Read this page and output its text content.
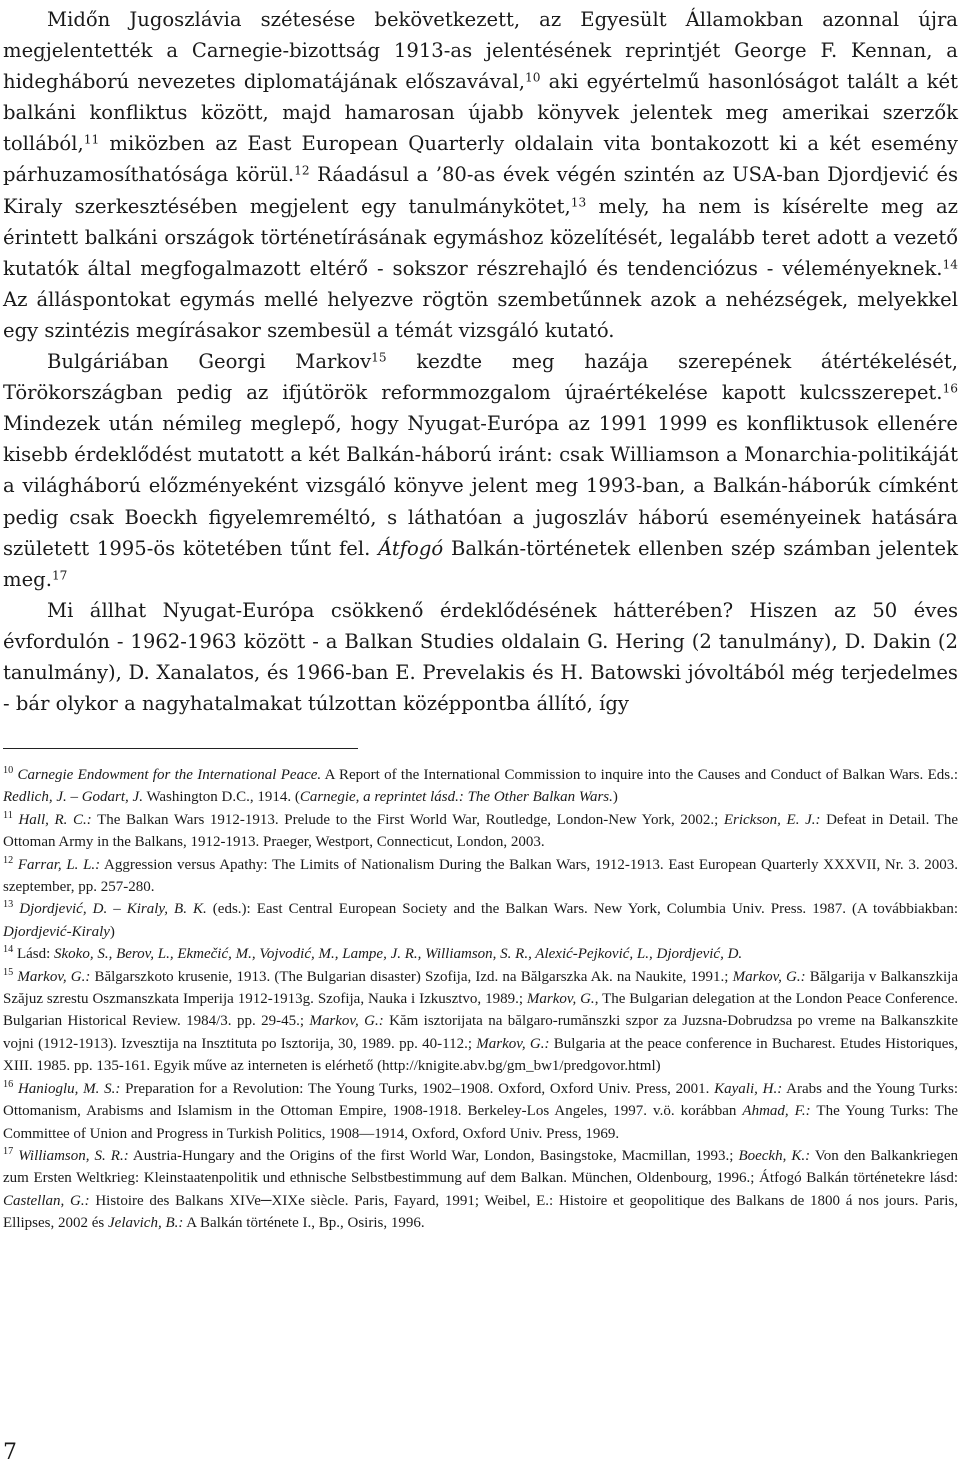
Midőn Jugoszlávia szétesése bekövetkezett, az Egyesült Államokban azonnal újra megjelentették a Carnegie-bizottság 1913-as jelentésének reprintjét George F. Kennan, a hidegháború nevezetes diplomatájának előszavával,$^{10}$ aki egyértelmű hasonlóságot talált a két balkáni konfliktus között, majd hamarosan újabb könyvek jelentek meg amerikai szerzők tollából,$^{11}$ miközben az East European Quarterly oldalain vita bontakozott ki a két esemény párhuzamosíthatósága körül.$^{12}$ Ráadásul a ’80-as évek végén szintén az USA-ban Djordjević és Kiraly szerkesztésében megjelent egy tanulmánykötet,$^{13}$ mely, ha nem is kísérelte meg az érintett balkáni országok történetírásának egymáshoz közelítését, legalább teret adott a vezető kutatók által megfogalmazott eltérő - sokszor részrehajló és tendenciózus - véleményeknek.$^{14}$ Az álláspontokat egymás mellé helyezve rögtön szembetűnnek azok a nehézségek, melyekkel egy szintézis megírásakor szembesül a témát vizsgáló kutató.

Bulgáriában Georgi Markov$^{15}$ kezdte meg hazája szerepének átértékelését, Törökországban pedig az ifjútörök reformmozgalom újraértékelése kapott kulcsszerepet.$^{16}$ Mindezek után némileg meglepő, hogy Nyugat-Európa az 1991 1999 es konfliktusok ellenére kisebb érdeklődést mutatott a két Balkán-háború iránt: csak Williamson a Monarchia-politikáját a világháború előzményeként vizsgáló könyve jelent meg 1993-ban, a Balkán-háborúk címként pedig csak Boeckh figyelemreméltó, s láthatóan a jugoszláv háború eseményeinek hatására született 1995-ös kötetében tűnt fel. Átfogó Balkán-történetek ellenben szép számban jelentek meg.$^{17}$

Mi állhat Nyugat-Európa csökkenő érdeklődésének hátterében? Hiszen az 50 éves évfordulón - 1962-1963 között - a Balkan Studies oldalain G. Hering (2 tanulmány), D. Dakin (2 tanulmány), D. Xanalatos, és 1966-ban E. Prevelakis és H. Batowski jóvoltából még terjedelmes - bár olykor a nagyhatalmakat túlzottan középpontba állító, így

$^{10}$ Carnegie Endowment for the International Peace. A Report of the International Commission to inquire into the Causes and Conduct of Balkan Wars. Eds.: Redlich, J. – Godart, J. Washington D.C., 1914. (Carnegie, a reprintet lásd.: The Other Balkan Wars.)

$^{11}$ Hall, R. C.: The Balkan Wars 1912-1913. Prelude to the First World War, Routledge, London-New York, 2002.; Erickson, E. J.: Defeat in Detail. The Ottoman Army in the Balkans, 1912-1913. Praeger, Westport, Connecticut, London, 2003.

$^{12}$ Farrar, L. L.: Aggression versus Apathy: The Limits of Nationalism During the Balkan Wars, 1912-1913. East European Quarterly XXXVII, Nr. 3. 2003. szeptember, pp. 257-280.

$^{13}$ Djordjević, D. – Kiraly, B. K. (eds.): East Central European Society and the Balkan Wars. New York, Columbia Univ. Press. 1987. (A továbbiakban: Djordjević-Kiraly)

$^{14}$ Lásd: Skoko, S., Berov, L., Ekmečić, M., Vojvodić, M., Lampe, J. R., Williamson, S. R., Alexić-Pejković, L., Djordjević, D.

$^{15}$ Markov, G.: Bălgarszkoto krusenie, 1913. (The Bulgarian disaster) Szofija, Izd. na Bălgarszka Ak. na Naukite, 1991.; Markov, G.: Bălgarija v Balkanszkija Szăjuz szrestu Oszmanszkata Imperija 1912-1913g. Szofija, Nauka i Izkusztvo, 1989.; Markov, G., The Bulgarian delegation at the London Peace Conference. Bulgarian Historical Review. 1984/3. pp. 29-45.; Markov, G.: Kăm isztorijata na bălgaro-rumănszki szpor za Juzsna-Dobrudzsa po vreme na Balkanszkite vojni (1912-1913). Izvesztija na Insztituta po Isztorija, 30, 1989. pp. 40-112.; Markov, G.: Bulgaria at the peace conference in Bucharest. Etudes Historiques, XIII. 1985. pp. 135-161. Egyik műve az interneten is elérhető (http://knigite.abv.bg/gm_bw1/predgovor.html)

$^{16}$ Hanioglu, M. S.: Preparation for a Revolution: The Young Turks, 1902–1908. Oxford, Oxford Univ. Press, 2001. Kayali, H.: Arabs and the Young Turks: Ottomanism, Arabisms and Islamism in the Ottoman Empire, 1908-1918. Berkeley-Los Angeles, 1997. v.ö. korábban Ahmad, F.: The Young Turks: The Committee of Union and Progress in Turkish Politics, 1908—1914, Oxford, Oxford Univ. Press, 1969.

$^{17}$ Williamson, S. R.: Austria-Hungary and the Origins of the first World War, London, Basingstoke, Macmillan, 1993.; Boeckh, K.: Von den Balkankriegen zum Ersten Weltkrieg: Kleinstaatenpolitik und ethnische Selbstbestimmung auf dem Balkan. München, Oldenbourg, 1996.; Átfogó Balkán történetekre lásd: Castellan, G.: Histoire des Balkans XIVe─XIXe siècle. Paris, Fayard, 1991; Weibel, E.: Histoire et geopolitique des Balkans de 1800 á nos jours. Paris, Ellipses, 2002 és Jelavich, B.: A Balkán története I., Bp., Osiris, 1996.

7
